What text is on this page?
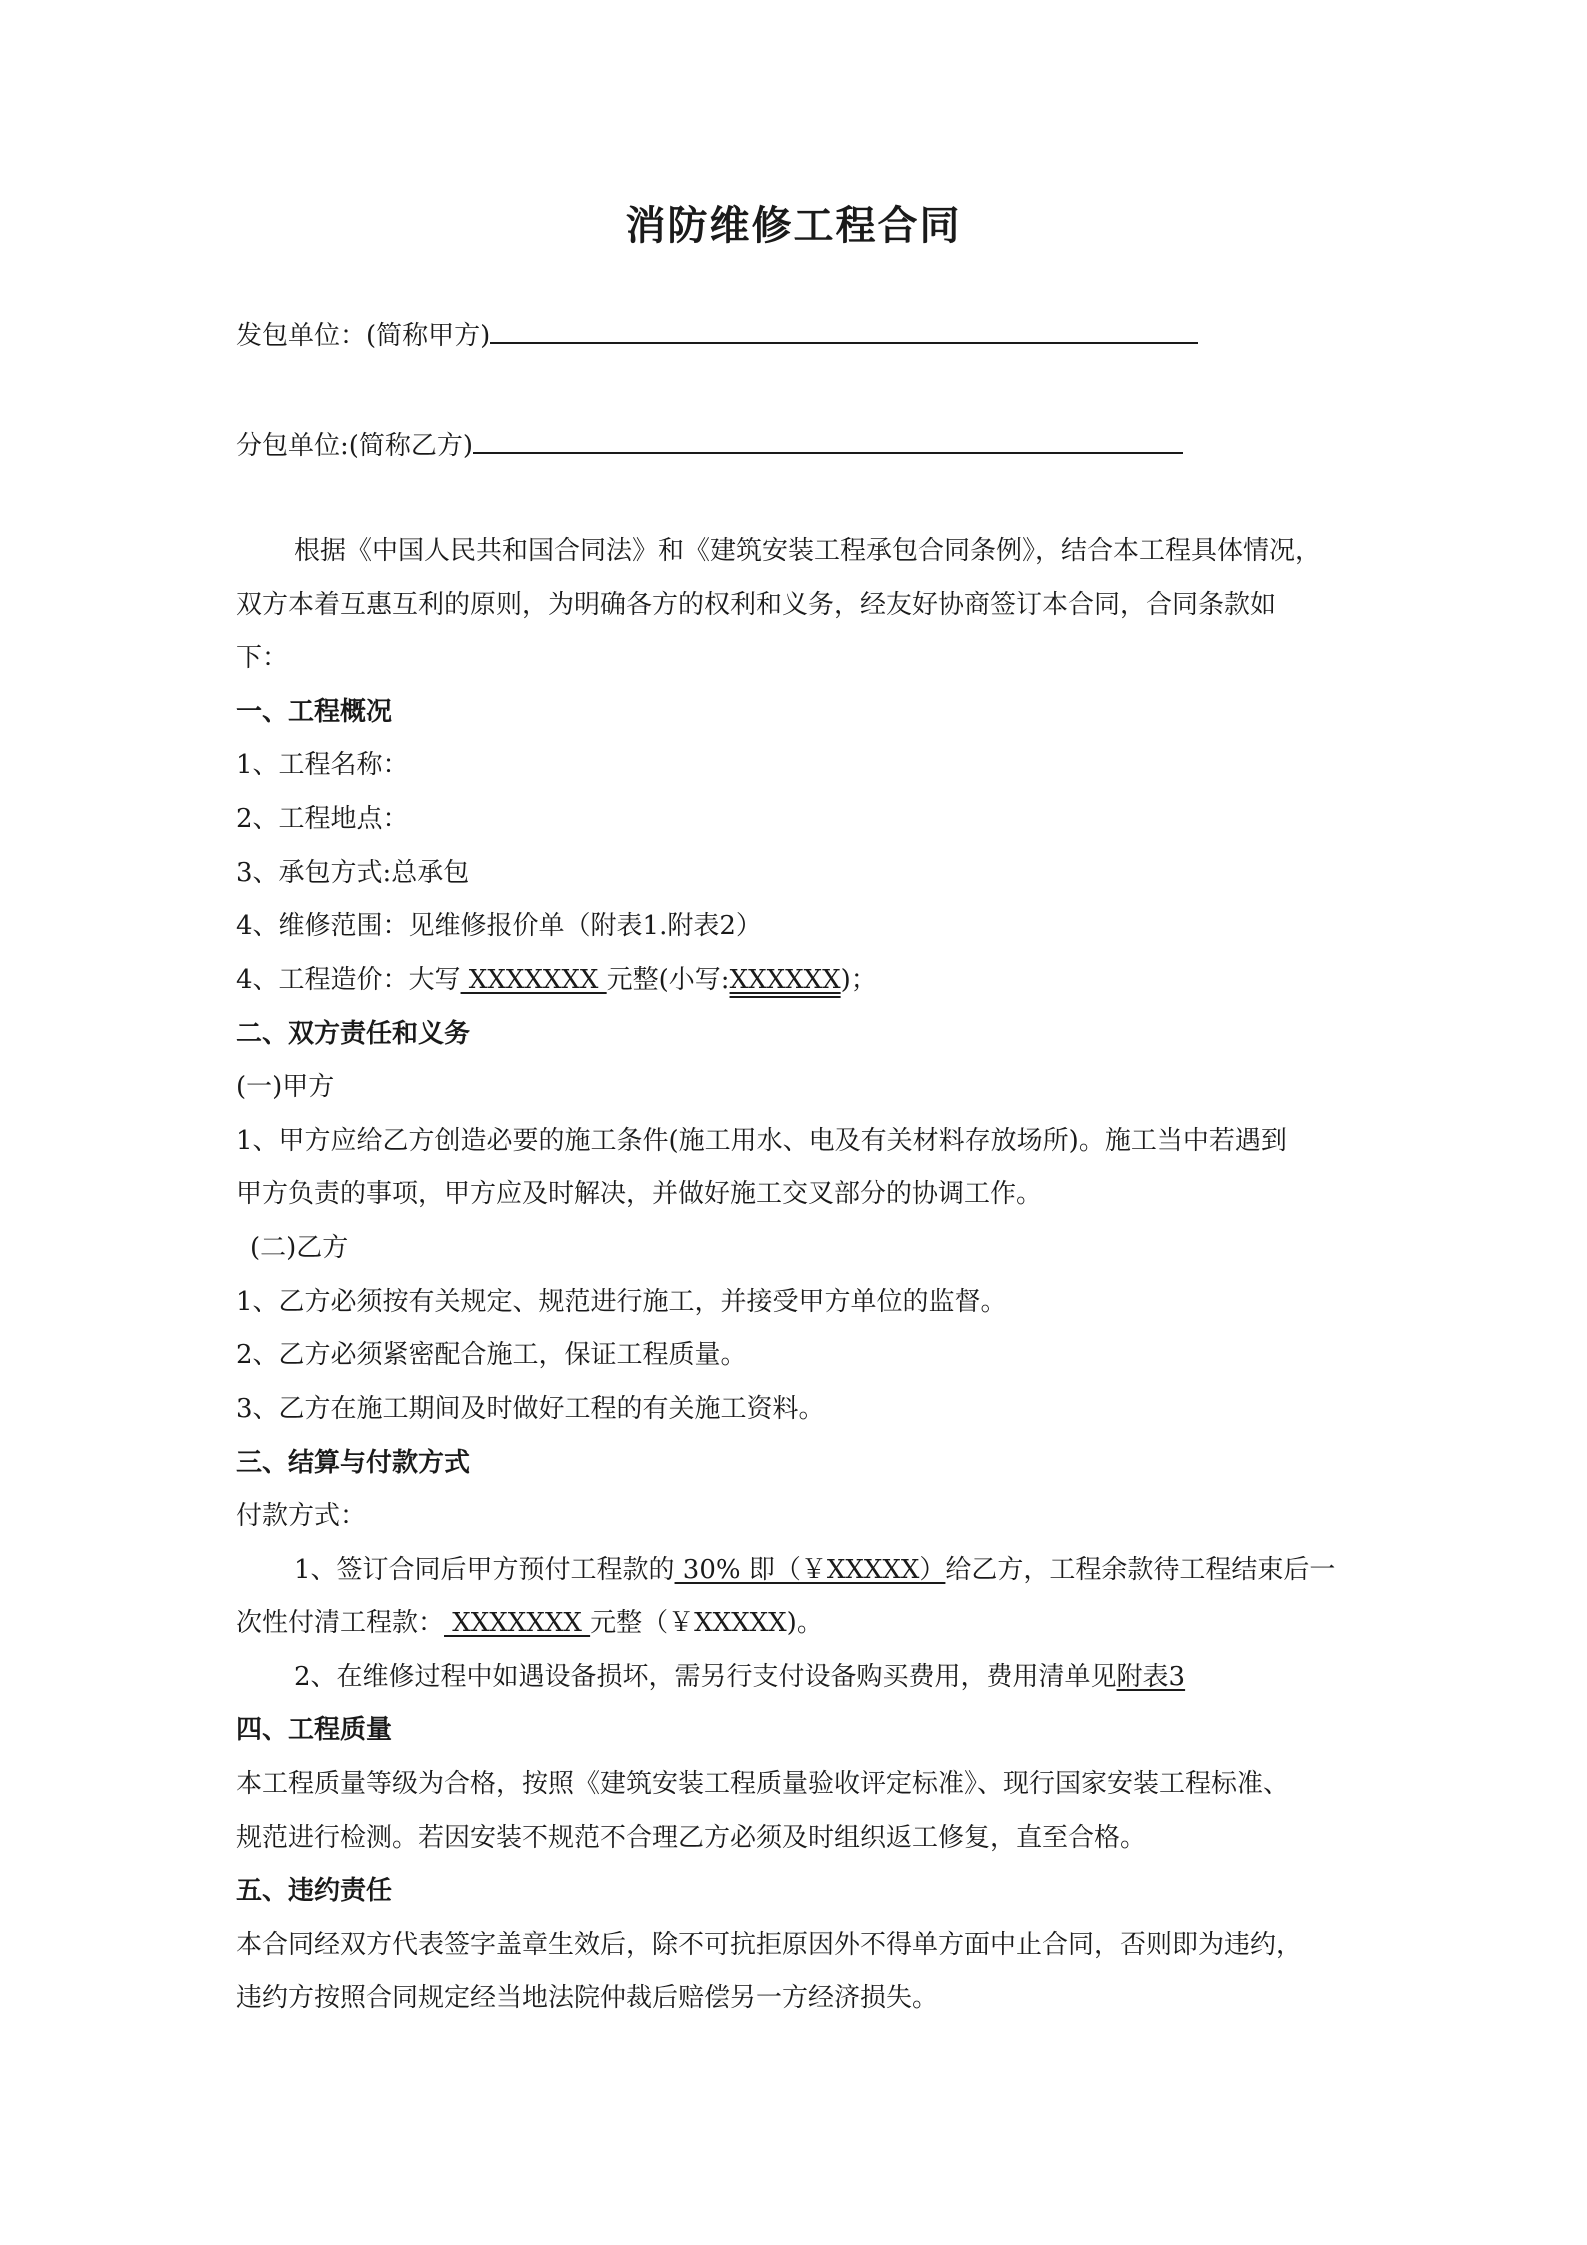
消防维修工程合同
发包单位：(简称甲方)
分包单位:(简称乙方)
根据《中国人民共和国合同法》和《建筑安装工程承包合同条例》，结合本工程具体情况，
双方本着互惠互利的原则，为明确各方的权利和义务，经友好协商签订本合同，合同条款如
下：
一、工程概况
1、工程名称：
2、工程地点：
3、承包方式:总承包
4、维修范围：见维修报价单（附表1.附表2）
4、工程造价：大写 XXXXXXX 元整(小写:XXXXXX)；
二、双方责任和义务
(一)甲方
1、甲方应给乙方创造必要的施工条件(施工用水、电及有关材料存放场所)。施工当中若遇到
甲方负责的事项，甲方应及时解决，并做好施工交叉部分的协调工作。
(二)乙方
1、乙方必须按有关规定、规范进行施工，并接受甲方单位的监督。
2、乙方必须紧密配合施工，保证工程质量。
3、乙方在施工期间及时做好工程的有关施工资料。
三、结算与付款方式
付款方式：
1、签订合同后甲方预付工程款的 30% 即（￥XXXXX）给乙方，工程余款待工程结束后一
次性付清工程款： XXXXXXX 元整（￥XXXXX)。
2、在维修过程中如遇设备损坏，需另行支付设备购买费用，费用清单见附表3
四、工程质量
本工程质量等级为合格，按照《建筑安装工程质量验收评定标准》、现行国家安装工程标准、
规范进行检测。若因安装不规范不合理乙方必须及时组织返工修复，直至合格。
五、违约责任
本合同经双方代表签字盖章生效后，除不可抗拒原因外不得单方面中止合同，否则即为违约，
违约方按照合同规定经当地法院仲裁后赔偿另一方经济损失。
